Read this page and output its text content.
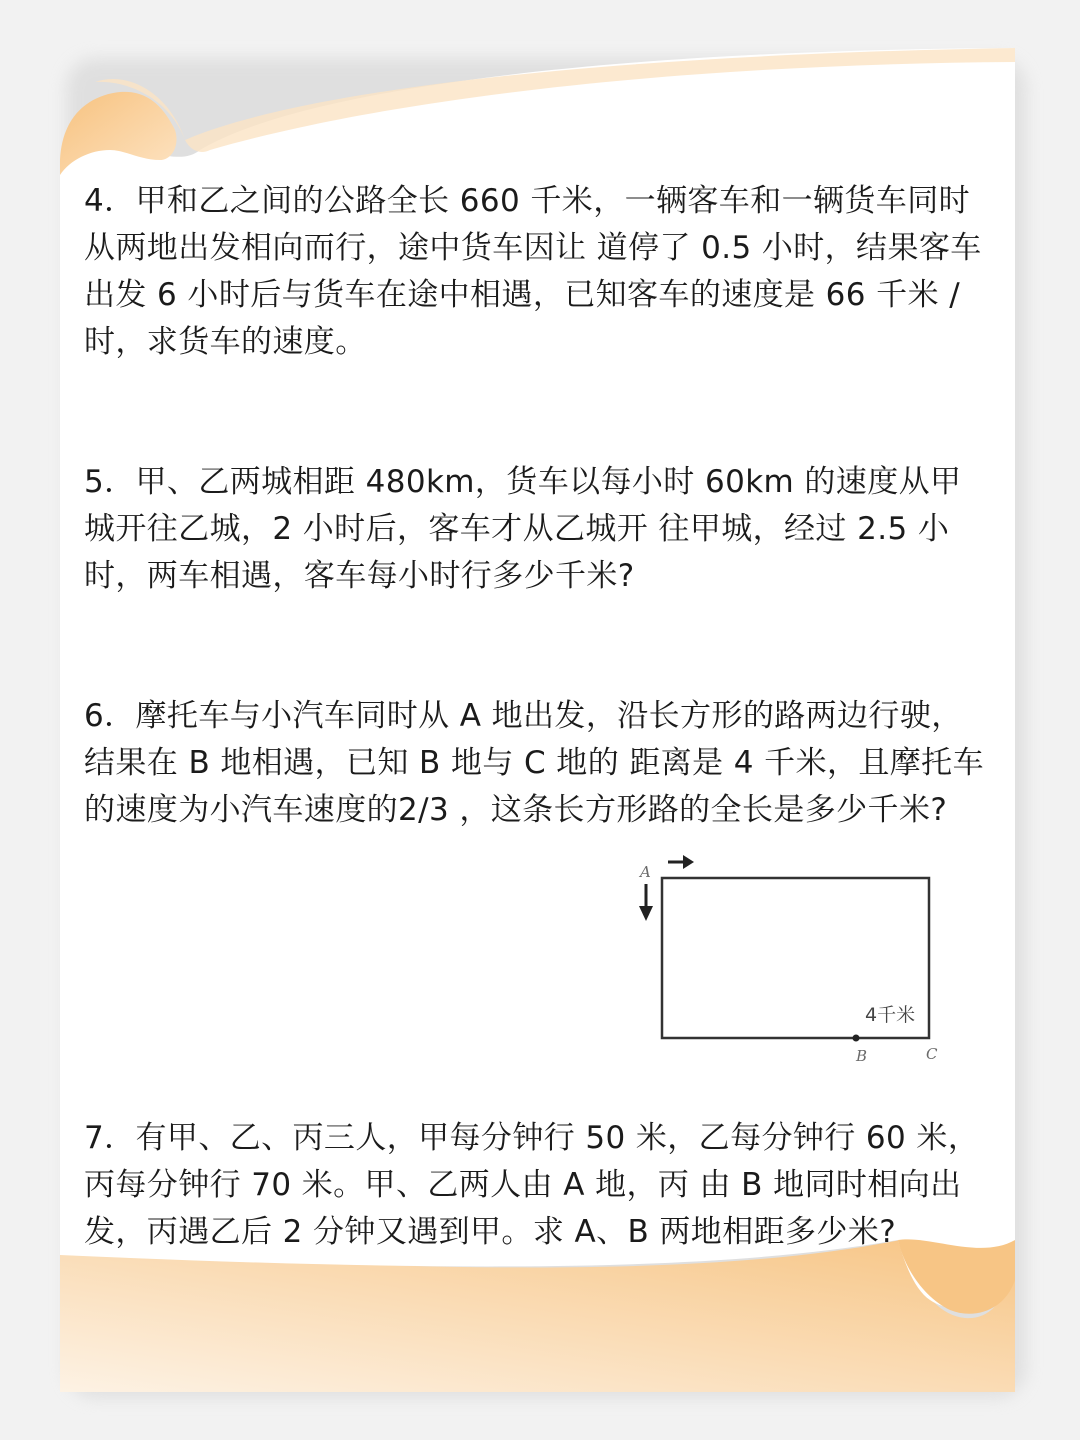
4．甲和乙之间的公路全长 660 千米，一辆客车和一辆货车同时从两地出发相向而行，途中货车因让 道停了 0.5 小时，结果客车出发 6 小时后与货车在途中相遇，已知客车的速度是 66 千米 / 时，求货车的速度。

5．甲、乙两城相距 480km，货车以每小时 60km 的速度从甲城开往乙城，2 小时后，客车才从乙城开 往甲城，经过 2.5 小时，两车相遇，客车每小时行多少千米?

6．摩托车与小汽车同时从 A 地出发，沿长方形的路两边行驶，结果在 B 地相遇，已知 B 地与 C 地的 距离是 4 千米，且摩托车的速度为小汽车速度的2/3 ，这条长方形路的全长是多少千米?

A
4千米
B	C

7．有甲、乙、丙三人，甲每分钟行 50 米，乙每分钟行 60 米，丙每分钟行 70 米。甲、乙两人由 A 地，丙 由 B 地同时相向出发，丙遇乙后 2 分钟又遇到甲。求 A、B 两地相距多少米?
